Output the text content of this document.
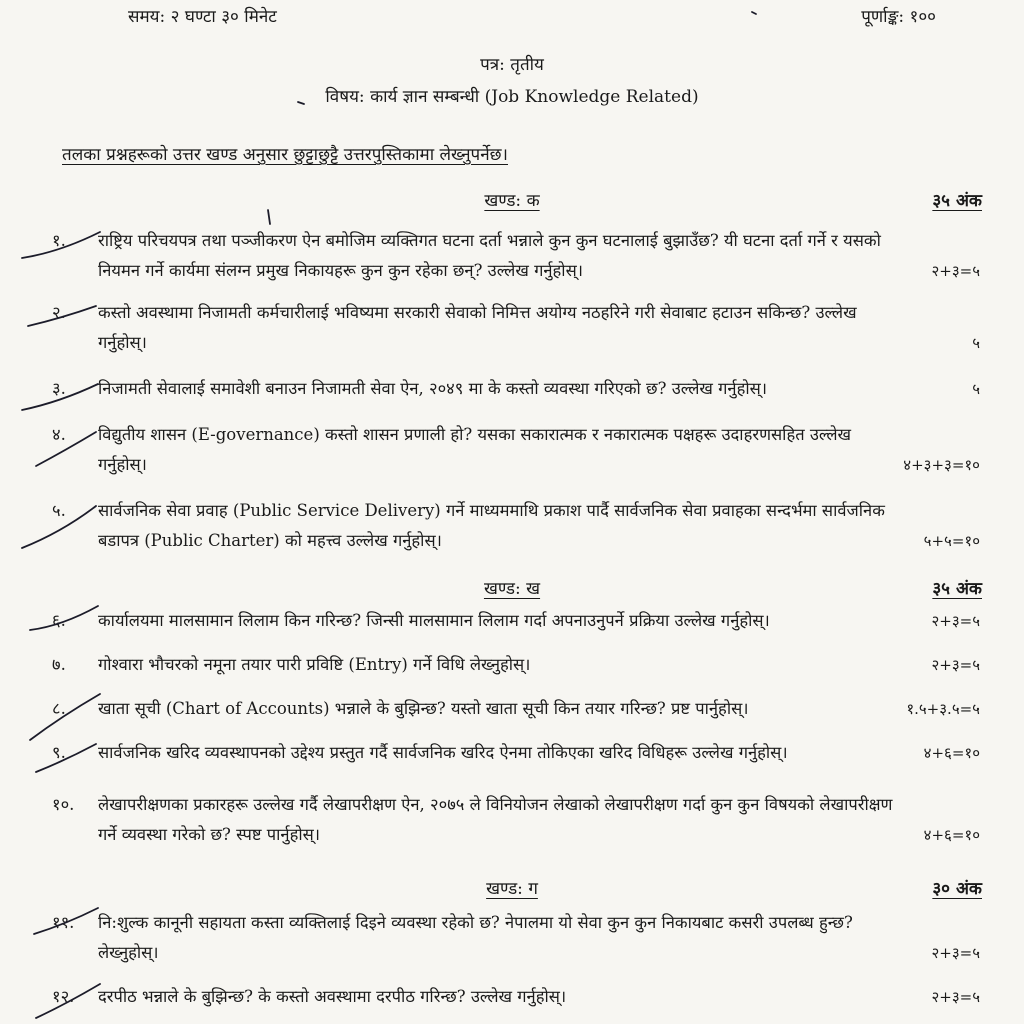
समय: २ घण्टा ३० मिनेट	पूर्णाङ्क: १००
पत्र: तृतीय
विषय: कार्य ज्ञान सम्बन्धी (Job Knowledge Related)
तलका प्रश्नहरूको उत्तर खण्ड अनुसार छुट्टाछुट्टै उत्तरपुस्तिकामा लेख्नुपर्नेछ।
खण्ड: क	३५ अंक
१.	राष्ट्रिय परिचयपत्र तथा पञ्जीकरण ऐन बमोजिम व्यक्तिगत घटना दर्ता भन्नाले कुन कुन घटनालाई बुझाउँछ? यी घटना दर्ता गर्ने र यसको नियमन गर्ने कार्यमा संलग्न प्रमुख निकायहरू कुन कुन रहेका छन्? उल्लेख गर्नुहोस्।	२+३=५
२.	कस्तो अवस्थामा निजामती कर्मचारीलाई भविष्यमा सरकारी सेवाको निमित्त अयोग्य नठहरिने गरी सेवाबाट हटाउन सकिन्छ? उल्लेख गर्नुहोस्।	५
३.	निजामती सेवालाई समावेशी बनाउन निजामती सेवा ऐन, २०४९ मा के कस्तो व्यवस्था गरिएको छ? उल्लेख गर्नुहोस्।	५
४.	विद्युतीय शासन (E-governance) कस्तो शासन प्रणाली हो? यसका सकारात्मक र नकारात्मक पक्षहरू उदाहरणसहित उल्लेख गर्नुहोस्।	४+३+३=१०
५.	सार्वजनिक सेवा प्रवाह (Public Service Delivery) गर्ने माध्यममाथि प्रकाश पार्दै सार्वजनिक सेवा प्रवाहका सन्दर्भमा सार्वजनिक बडापत्र (Public Charter) को महत्त्व उल्लेख गर्नुहोस्।	५+५=१०
खण्ड: ख	३५ अंक
६.	कार्यालयमा मालसामान लिलाम किन गरिन्छ? जिन्सी मालसामान लिलाम गर्दा अपनाउनुपर्ने प्रक्रिया उल्लेख गर्नुहोस्।	२+३=५
७.	गोश्वारा भौचरको नमूना तयार पारी प्रविष्टि (Entry) गर्ने विधि लेख्नुहोस्।	२+३=५
८.	खाता सूची (Chart of Accounts) भन्नाले के बुझिन्छ? यस्तो खाता सूची किन तयार गरिन्छ? प्रष्ट पार्नुहोस्।	१.५+३.५=५
९.	सार्वजनिक खरिद व्यवस्थापनको उद्देश्य प्रस्तुत गर्दै सार्वजनिक खरिद ऐनमा तोकिएका खरिद विधिहरू उल्लेख गर्नुहोस्।	४+६=१०
१०.	लेखापरीक्षणका प्रकारहरू उल्लेख गर्दै लेखापरीक्षण ऐन, २०७५ ले विनियोजन लेखाको लेखापरीक्षण गर्दा कुन कुन विषयको लेखापरीक्षण गर्ने व्यवस्था गरेको छ? स्पष्ट पार्नुहोस्।	४+६=१०
खण्ड: ग	३० अंक
११.	नि:शुल्क कानूनी सहायता कस्ता व्यक्तिलाई दिइने व्यवस्था रहेको छ? नेपालमा यो सेवा कुन कुन निकायबाट कसरी उपलब्ध हुन्छ? लेख्नुहोस्।	२+३=५
१२.	दरपीठ भन्नाले के बुझिन्छ? के कस्तो अवस्थामा दरपीठ गरिन्छ? उल्लेख गर्नुहोस्।	२+३=५
